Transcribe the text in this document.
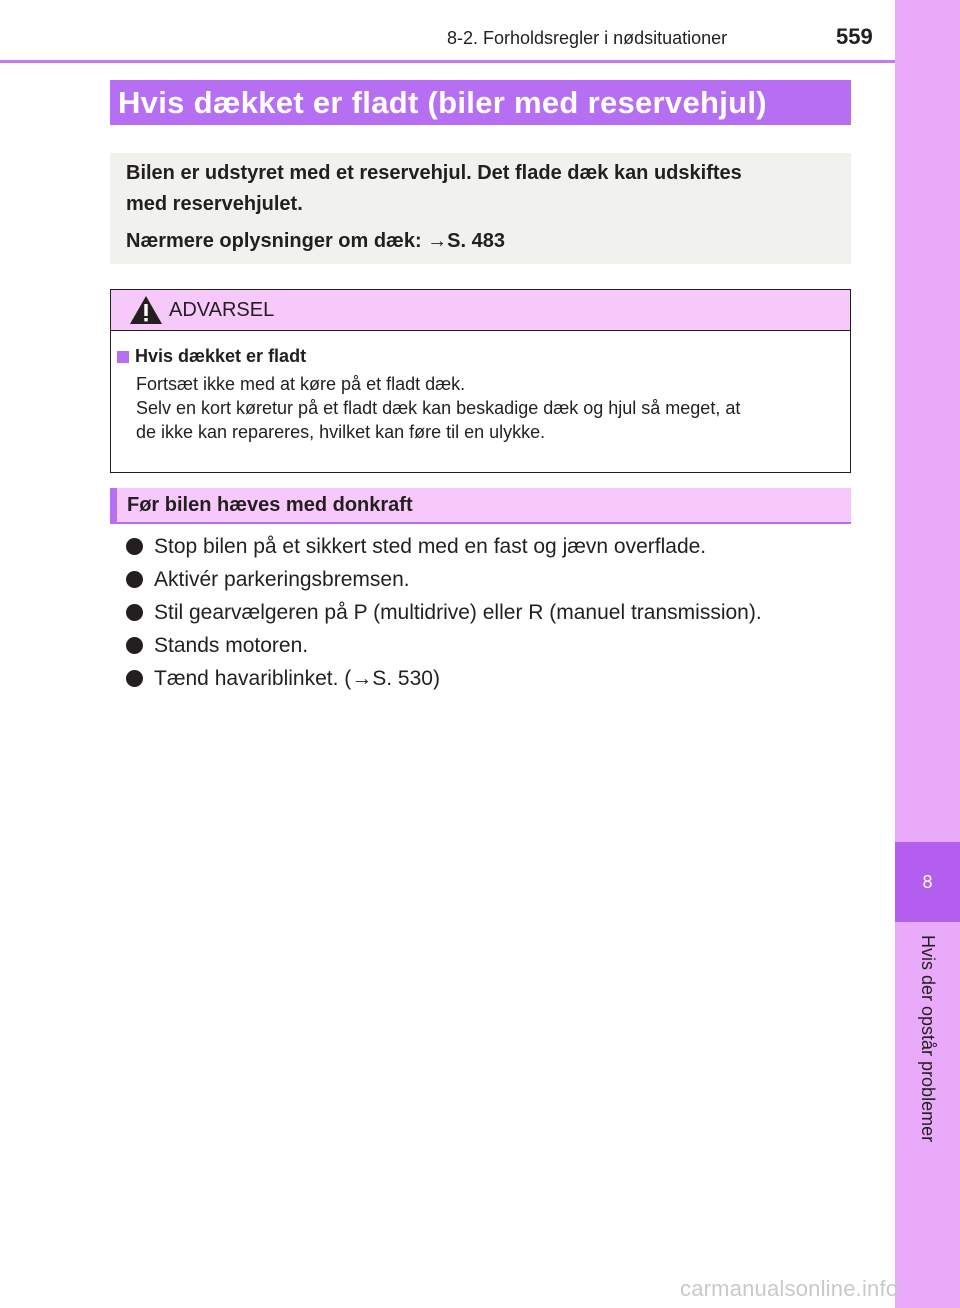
8
Hvis der opstår problemer
8-2. Forholdsregler i nødsituationer	559
Hvis dækket er fladt (biler med reservehjul)

Bilen er udstyret med et reservehjul. Det flade dæk kan udskiftes

med reservehjulet.

Nærmere oplysninger om dæk: →S. 483

ADVARSEL
Hvis dækket er fladt

Fortsæt ikke med at køre på et fladt dæk.

Selv en kort køretur på et fladt dæk kan beskadige dæk og hjul så meget, at

de ikke kan repareres, hvilket kan føre til en ulykke.

Før bilen hæves med donkraft
Stop bilen på et sikkert sted med en fast og jævn overflade.
Aktivér parkeringsbremsen.
Stil gearvælgeren på P (multidrive) eller R (manuel transmission).
Stands motoren.
Tænd havariblinket. (→S. 530)
carmanualsonline.info
